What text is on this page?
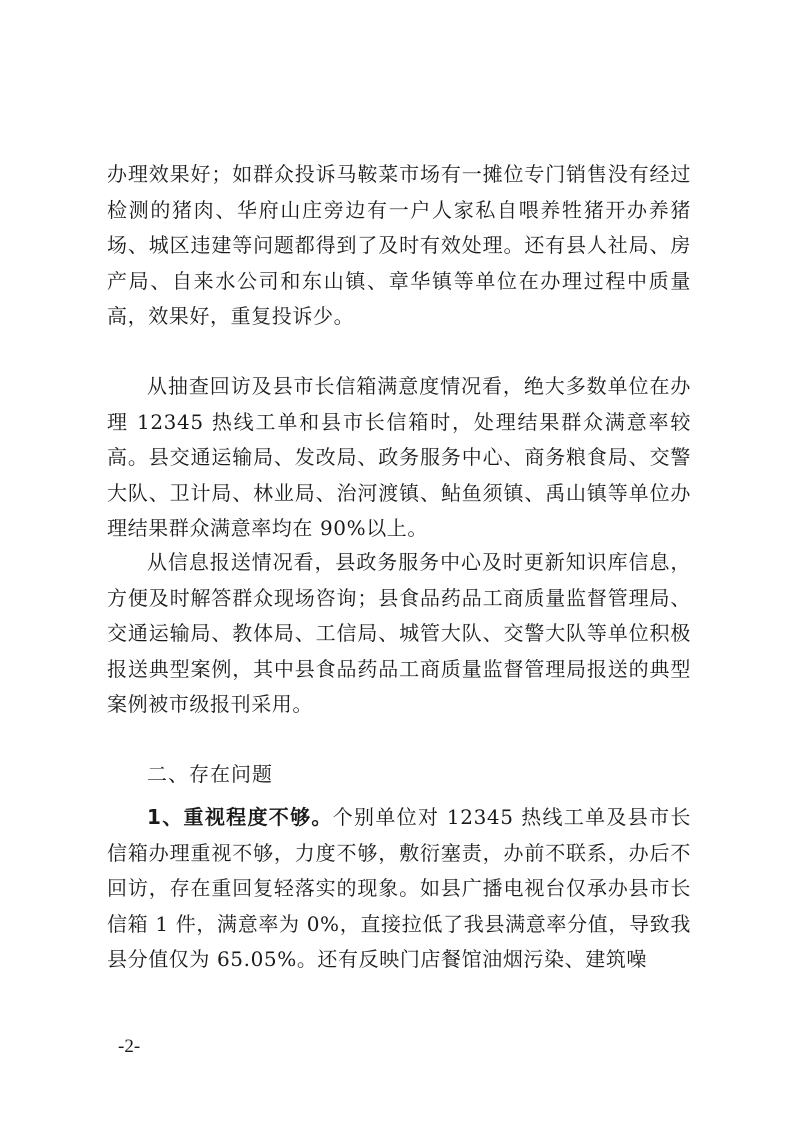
办理效果好；如群众投诉马鞍菜市场有一摊位专门销售没有经过检测的猪肉、华府山庄旁边有一户人家私自喂养牲猪开办养猪场、城区违建等问题都得到了及时有效处理。还有县人社局、房产局、自来水公司和东山镇、章华镇等单位在办理过程中质量高，效果好，重复投诉少。

从抽查回访及县市长信箱满意度情况看，绝大多数单位在办理 12345 热线工单和县市长信箱时，处理结果群众满意率较高。县交通运输局、发改局、政务服务中心、商务粮食局、交警大队、卫计局、林业局、治河渡镇、鲇鱼须镇、禹山镇等单位办理结果群众满意率均在 90%以上。

从信息报送情况看，县政务服务中心及时更新知识库信息，方便及时解答群众现场咨询；县食品药品工商质量监督管理局、交通运输局、教体局、工信局、城管大队、交警大队等单位积极报送典型案例，其中县食品药品工商质量监督管理局报送的典型案例被市级报刊采用。

二、存在问题

1、重视程度不够。个别单位对 12345 热线工单及县市长信箱办理重视不够，力度不够，敷衍塞责，办前不联系，办后不回访，存在重回复轻落实的现象。如县广播电视台仅承办县市长信箱 1 件，满意率为 0%，直接拉低了我县满意率分值，导致我县分值仅为 65.05%。还有反映门店餐馆油烟污染、建筑噪

-2-
